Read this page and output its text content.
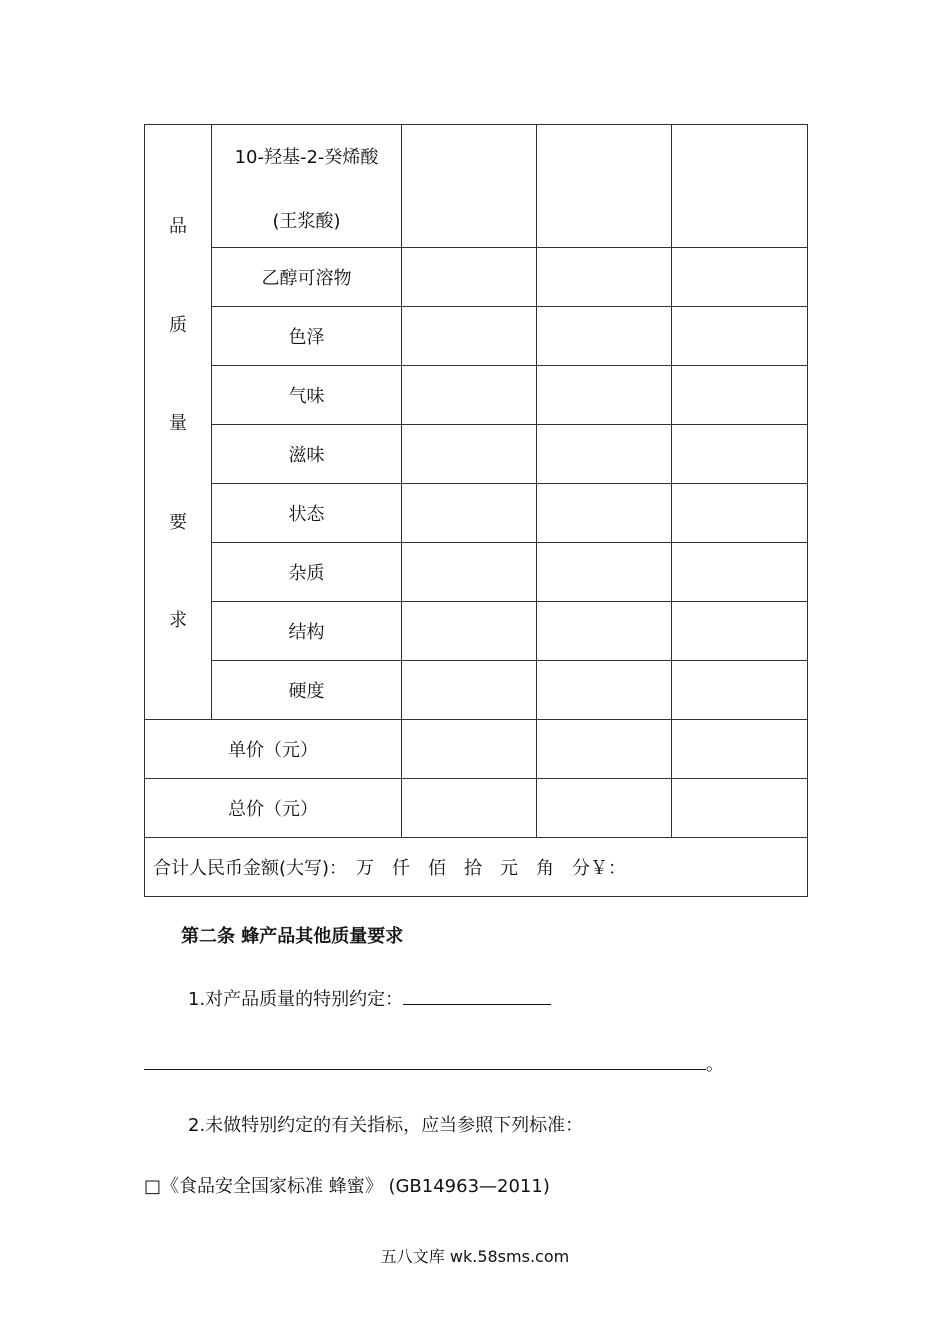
品
质
量
要
求	10-羟基-2-癸烯酸
(王浆酸)			

	乙醇可溶物			
	色泽			
	气味			
	滋味			
	状态			
	杂质			
	结构			
	硬度			
单价（元）				
总价（元）				
合计人民币金额(大写)：　万　仟　佰　拾　元　角　分￥：				
第二条 蜂产品其他质量要求
1.对产品质量的特别约定：
。
2.未做特别约定的有关指标，应当参照下列标准：
□《食品安全国家标准 蜂蜜》 (GB14963—2011)
五八文库 wk.58sms.com
